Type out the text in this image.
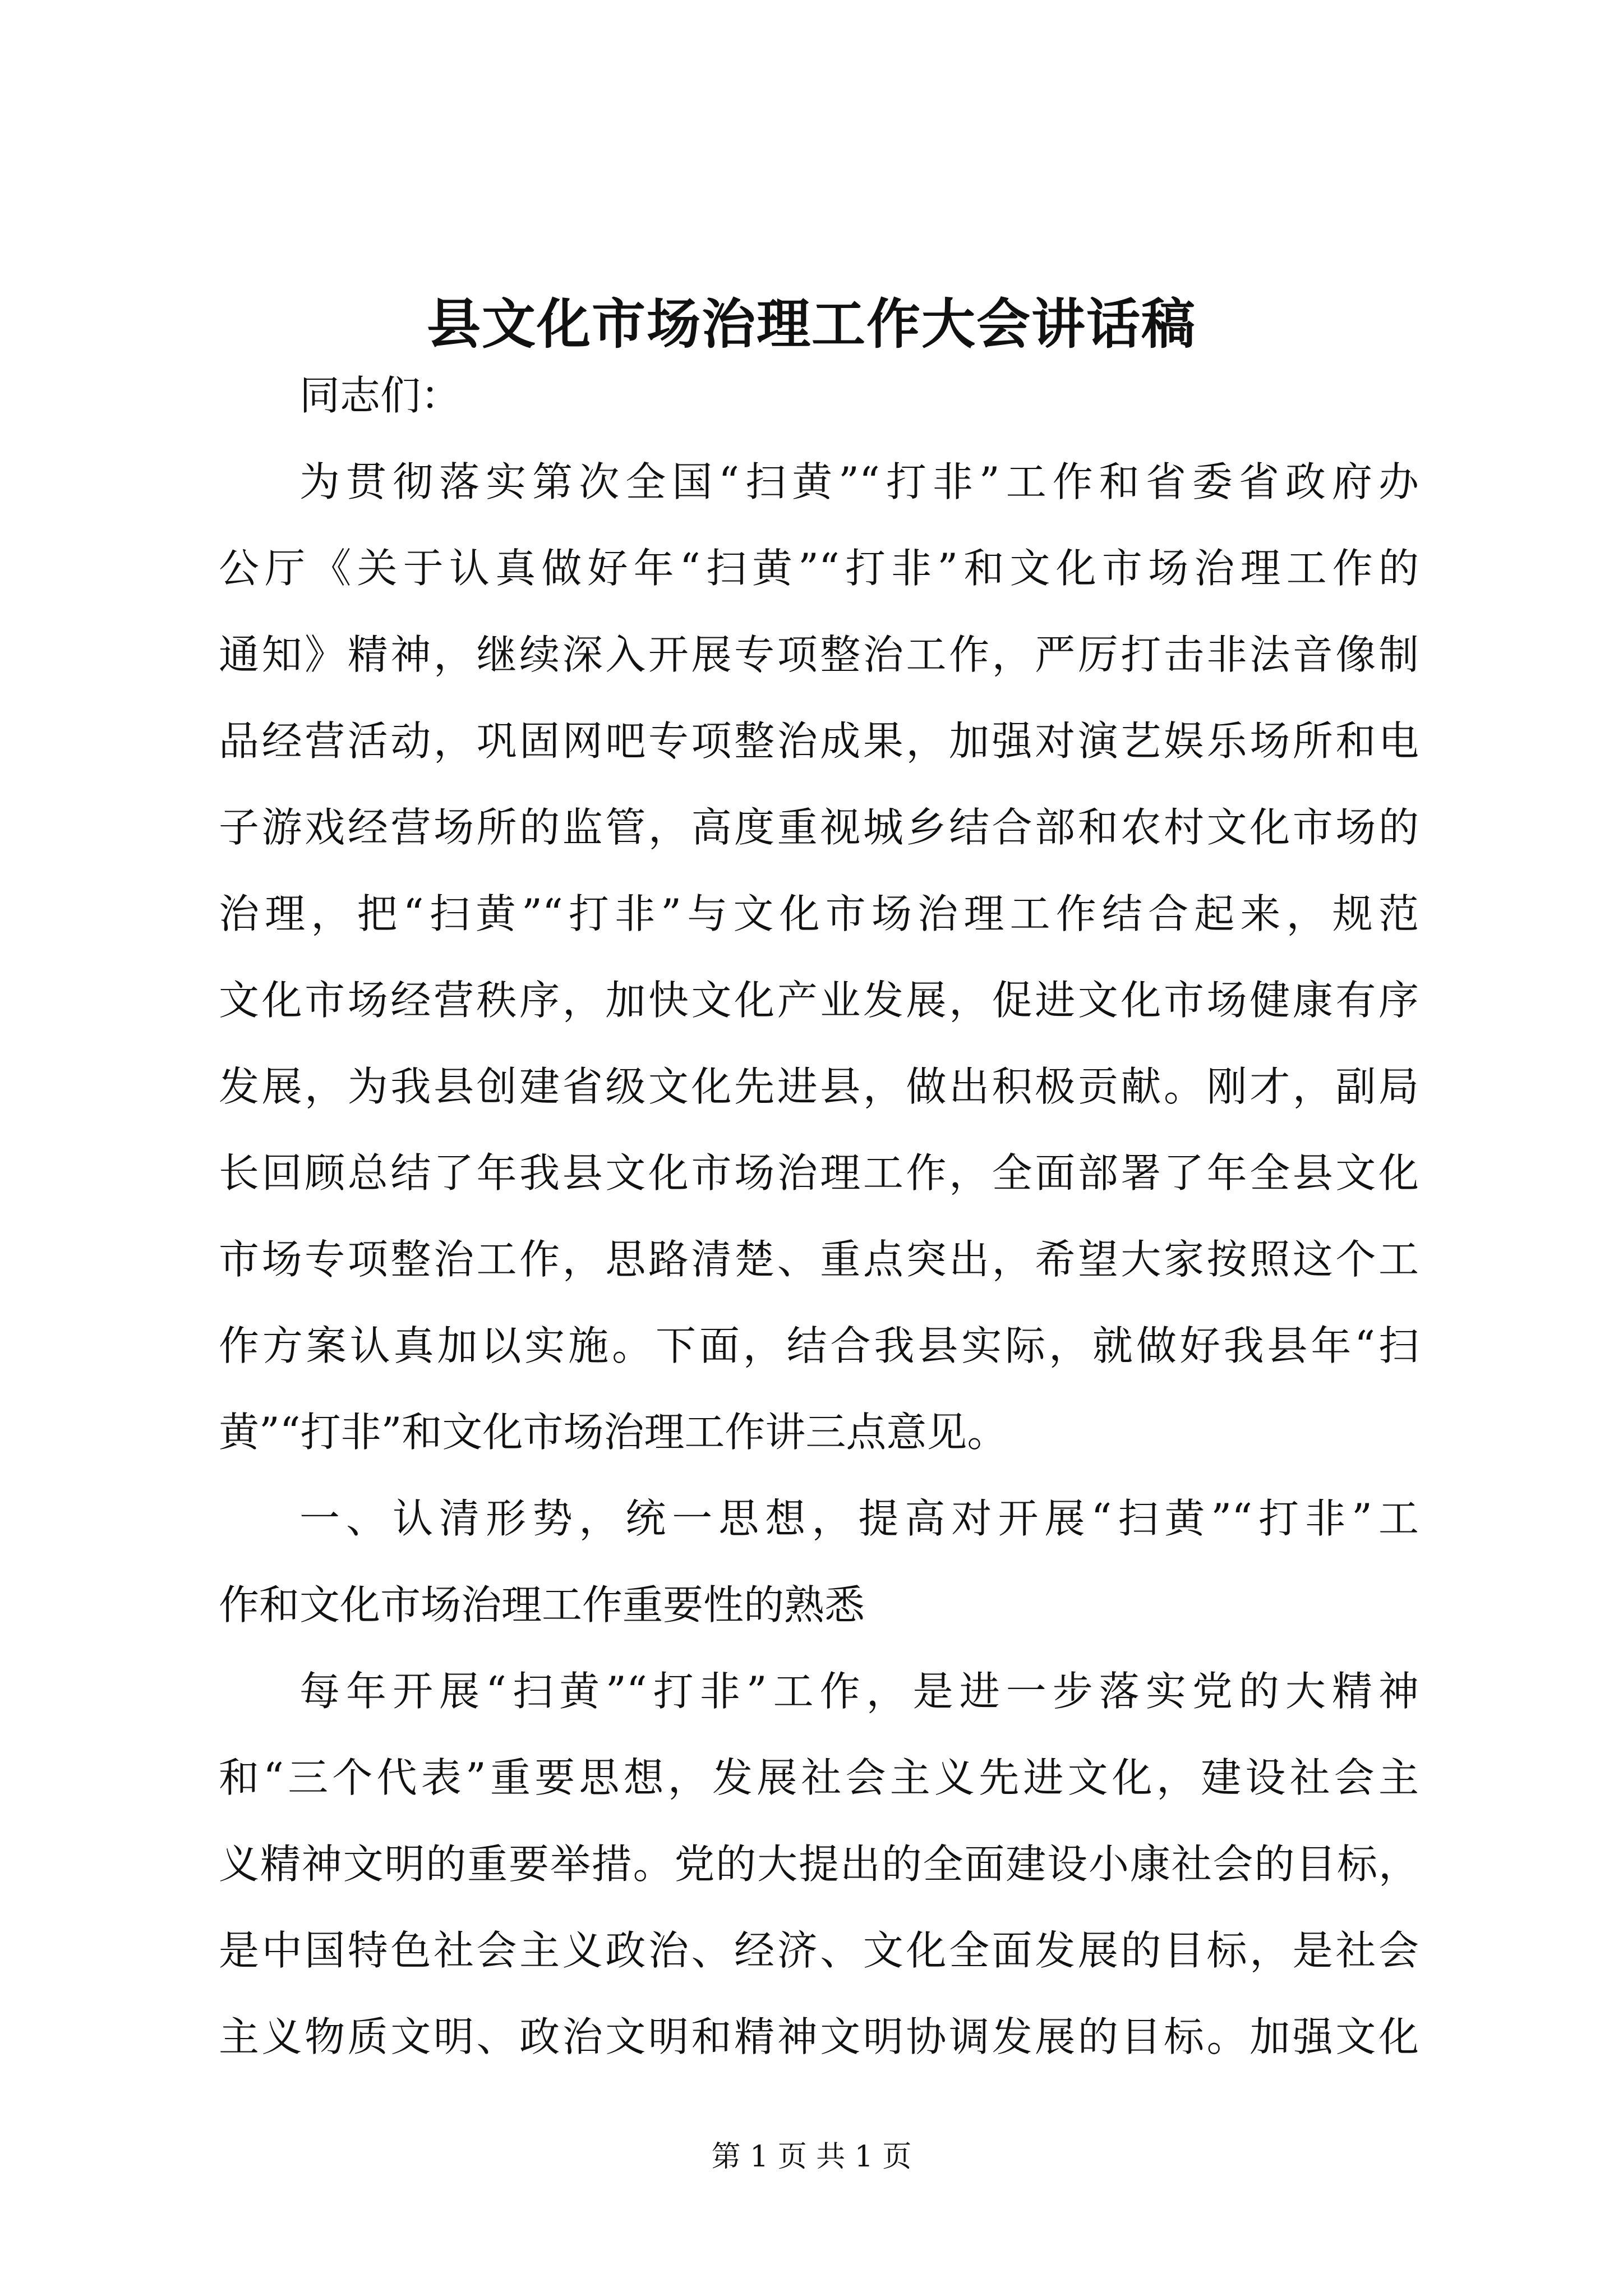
县文化市场治理工作大会讲话稿
同志们：
为贯彻落实第次全国“扫黄”“打非”工作和省委省政府办
公厅《关于认真做好年“扫黄”“打非”和文化市场治理工作的
通知》精神，继续深入开展专项整治工作，严厉打击非法音像制
品经营活动，巩固网吧专项整治成果，加强对演艺娱乐场所和电
子游戏经营场所的监管，高度重视城乡结合部和农村文化市场的
治理，把“扫黄”“打非”与文化市场治理工作结合起来，规范
文化市场经营秩序，加快文化产业发展，促进文化市场健康有序
发展，为我县创建省级文化先进县，做出积极贡献。刚才，副局
长回顾总结了年我县文化市场治理工作，全面部署了年全县文化
市场专项整治工作，思路清楚、重点突出，希望大家按照这个工
作方案认真加以实施。下面，结合我县实际，就做好我县年“扫
黄”“打非”和文化市场治理工作讲三点意见。
一、认清形势，统一思想，提高对开展“扫黄”“打非”工
作和文化市场治理工作重要性的熟悉
每年开展“扫黄”“打非”工作，是进一步落实党的大精神
和“三个代表”重要思想，发展社会主义先进文化，建设社会主
义精神文明的重要举措。党的大提出的全面建设小康社会的目标，
是中国特色社会主义政治、经济、文化全面发展的目标，是社会
主义物质文明、政治文明和精神文明协调发展的目标。加强文化
第 1 页 共 1 页
